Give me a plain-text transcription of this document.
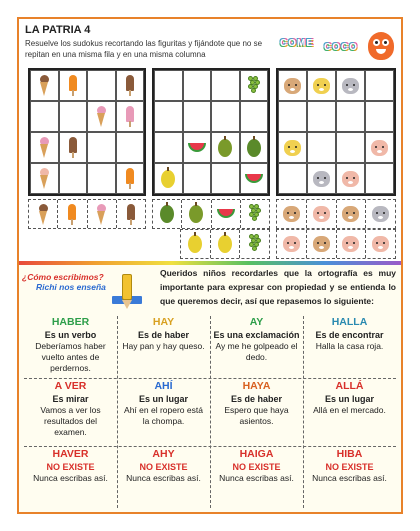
LA PATRIA 4
Resuelve los sudokus recortando las figuritas y fijándote que no se repitan en una misma fila y en una misma columna
COME COCO
¿Cómo escribimos?
Richi nos enseña
Queridos niños recordarles que la ortografía es muy importante para expresar con propiedad y se entienda lo que queremos decir, así que repasemos lo siguiente:
HABER
Es un verbo
Deberíamos haber vuelto antes de perdernos.
HAY
Es de haber
Hay pan y hay queso.
AY
Es una exclamación
Ay me he golpeado el dedo.
HALLA
Es de encontrar
Halla la casa roja.
A VER
Es mirar
Vamos a ver los resultados del examen.
AHÍ
Es un lugar
Ahí en el ropero está la chompa.
HAYA
Es de haber
Espero que haya asientos.
ALLÁ
Es un lugar
Allá en el mercado.
HAVER
NO EXISTE
Nunca escribas así.
AHY
NO EXISTE
Nunca escribas así.
HAIGA
NO EXISTE
Nunca escribas así.
HIBA
NO EXISTE
Nunca escribas así.
